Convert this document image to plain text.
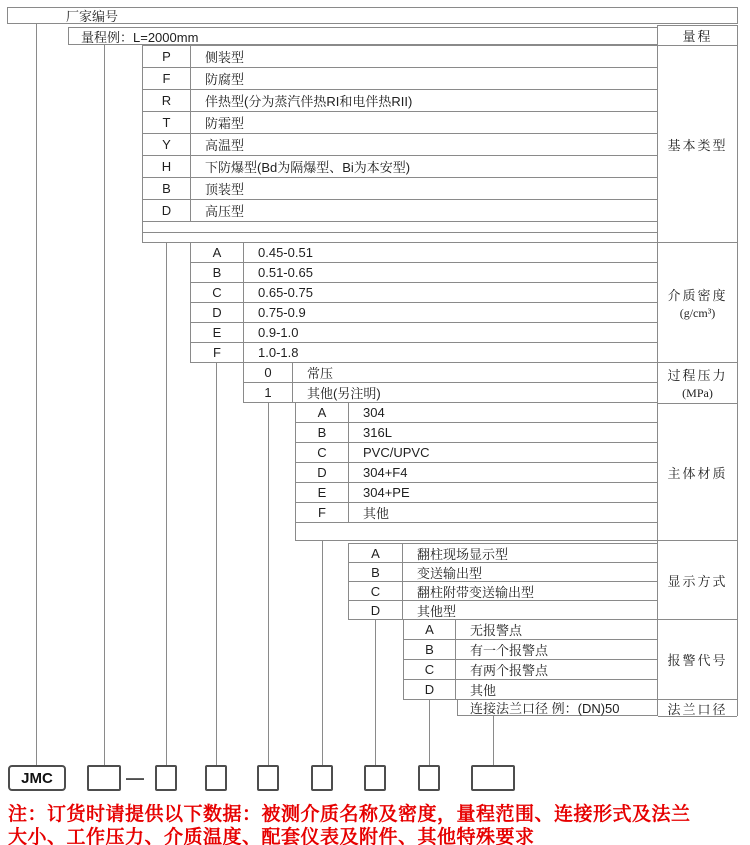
厂家编号
量程例：L=2000mm	量程
基本类型
介质密度
(g/cm³)
过程压力
(MPa)
主体材质
显示方式
报警代号
法兰口径
P	侧装型
F	防腐型
R	伴热型(分为蒸汽伴热RI和电伴热RII)
T	防霜型
Y	高温型
H	下防爆型(Bd为隔爆型、Bi为本安型)
B	顶装型
D	高压型
A	0.45-0.51
B	0.51-0.65
C	0.65-0.75
D	0.75-0.9
E	0.9-1.0
F	1.0-1.8
0	常压
1	其他(另注明)
A	304
B	316L
C	PVC/UPVC
D	304+F4
E	304+PE
F	其他
A	翻柱现场显示型
B	变送输出型
C	翻柱附带变送输出型
D	其他型
A	无报警点
B	有一个报警点
C	有两个报警点
D	其他
连接法兰口径 例：(DN)50
JMC	—
注：订货时请提供以下数据：被测介质名称及密度，量程范围、连接形式及法兰
大小、工作压力、介质温度、配套仪表及附件、其他特殊要求
